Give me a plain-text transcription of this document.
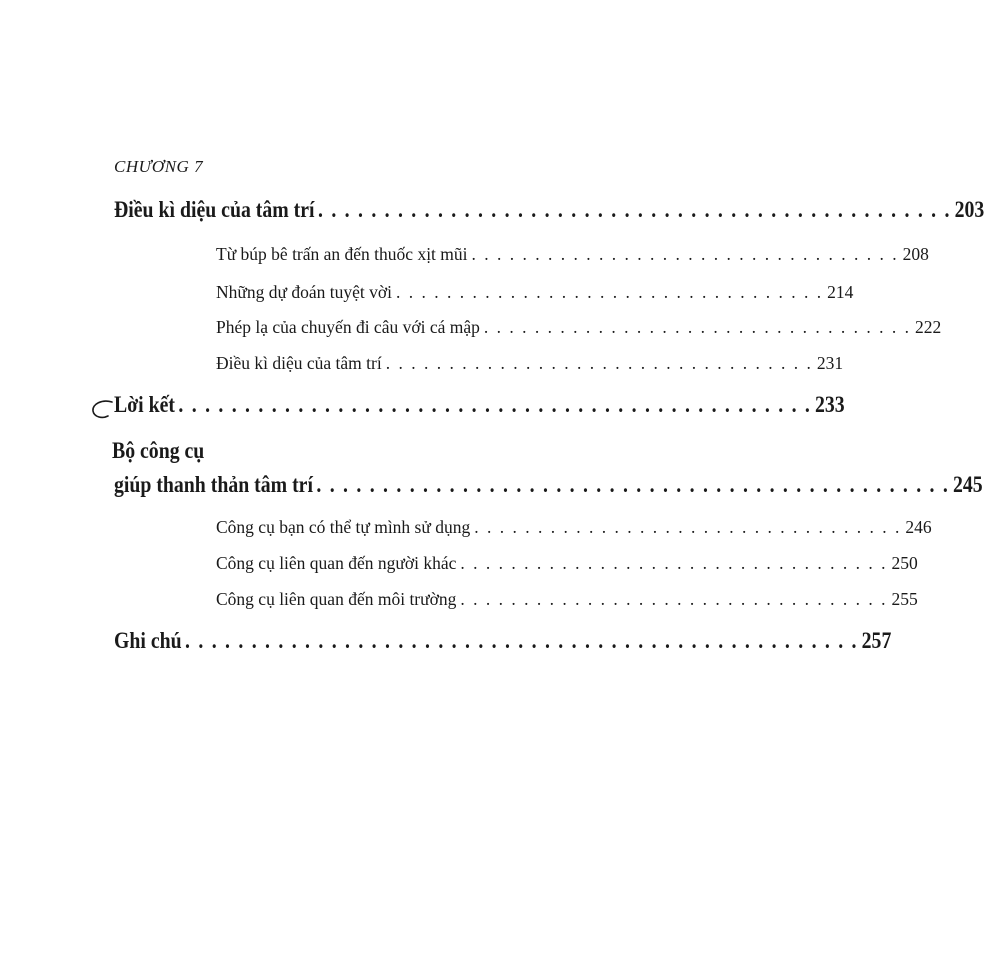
CHƯƠNG 7
Điều kì diệu của tâm trí . . . . . . . . . . . . . . . . . . . . . . . . . . . . . . . . . . . . . . . . . . . . . . . . 203
Từ búp bê trấn an đến thuốc xịt mũi . . . . . . . . . . . . . . . . . . . . . . . . . . . . . . . . . . 208
Những dự đoán tuyệt vời . . . . . . . . . . . . . . . . . . . . . . . . . . . . . . . . . . 214
Phép lạ của chuyến đi câu với cá mập . . . . . . . . . . . . . . . . . . . . . . . . . . . . . . . . . . 222
Điều kì diệu của tâm trí . . . . . . . . . . . . . . . . . . . . . . . . . . . . . . . . . . 231
Lời kết . . . . . . . . . . . . . . . . . . . . . . . . . . . . . . . . . . . . . . . . . . . . . . . . 233
Bộ công cụ
giúp thanh thản tâm trí . . . . . . . . . . . . . . . . . . . . . . . . . . . . . . . . . . . . . . . . . . . . . . . . 245
Công cụ bạn có thể tự mình sử dụng . . . . . . . . . . . . . . . . . . . . . . . . . . . . . . . . . . 246
Công cụ liên quan đến người khác . . . . . . . . . . . . . . . . . . . . . . . . . . . . . . . . . . 250
Công cụ liên quan đến môi trường . . . . . . . . . . . . . . . . . . . . . . . . . . . . . . . . . . 255
Ghi chú . . . . . . . . . . . . . . . . . . . . . . . . . . . . . . . . . . . . . . . . . . . . . . . . . . . 257
